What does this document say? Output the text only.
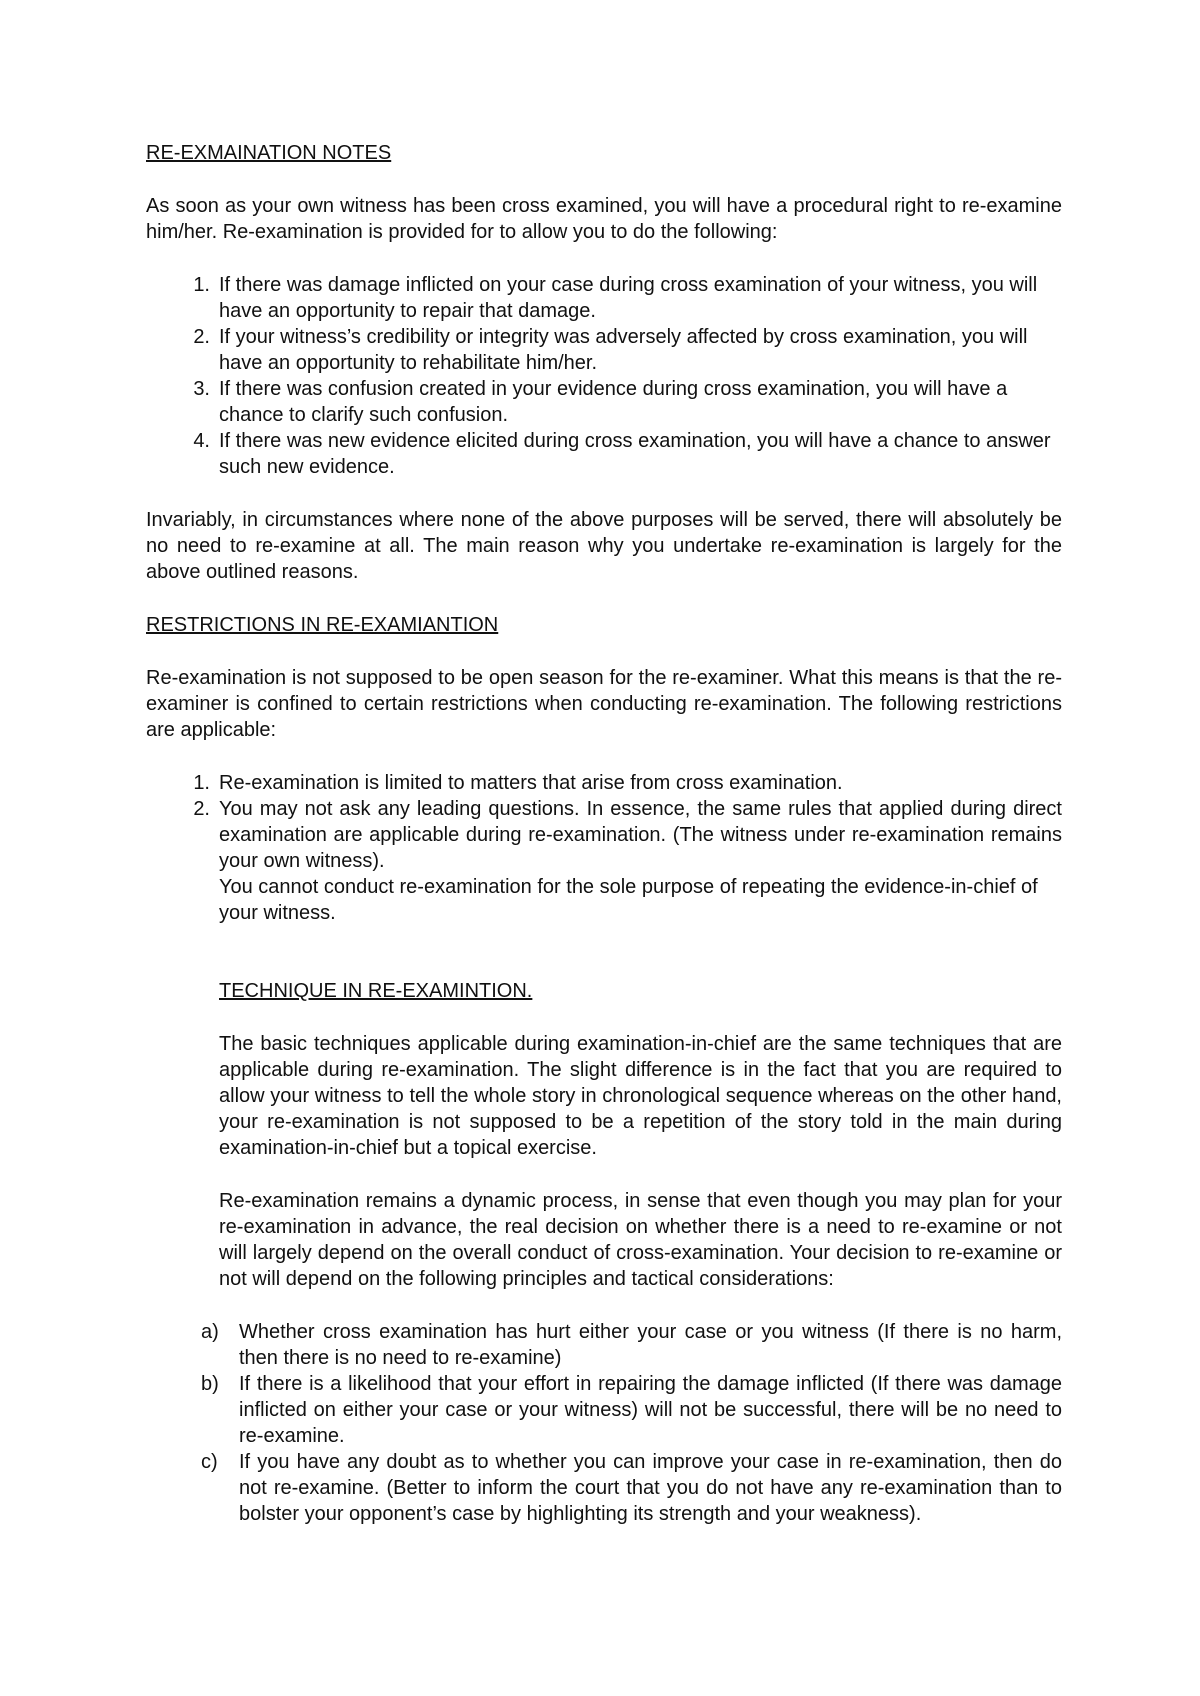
RE-EXMAINATION NOTES

As soon as your own witness has been cross examined, you will have a procedural right to re-examine him/her. Re-examination is provided for to allow you to do the following:

1. If there was damage inflicted on your case during cross examination of your witness, you will have an opportunity to repair that damage.
2. If your witness’s credibility or integrity was adversely affected by cross examination, you will have an opportunity to rehabilitate him/her.
3. If there was confusion created in your evidence during cross examination, you will have a chance to clarify such confusion.
4. If there was new evidence elicited during cross examination, you will have a chance to answer such new evidence.

Invariably, in circumstances where none of the above purposes will be served, there will absolutely be no need to re-examine at all. The main reason why you undertake re-examination is largely for the above outlined reasons.

RESTRICTIONS IN RE-EXAMIANTION

Re-examination is not supposed to be open season for the re-examiner. What this means is that the re-examiner is confined to certain restrictions when conducting re-examination. The following restrictions are applicable:

1. Re-examination is limited to matters that arise from cross examination.
2. You may not ask any leading questions. In essence, the same rules that applied during direct examination are applicable during re-examination. (The witness under re-examination remains your own witness).

You cannot conduct re-examination for the sole purpose of repeating the evidence-in-chief of your witness.

TECHNIQUE IN RE-EXAMINTION.

The basic techniques applicable during examination-in-chief are the same techniques that are applicable during re-examination. The slight difference is in the fact that you are required to allow your witness to tell the whole story in chronological sequence whereas on the other hand, your re-examination is not supposed to be a repetition of the story told in the main during examination-in-chief but a topical exercise.

Re-examination remains a dynamic process, in sense that even though you may plan for your re-examination in advance, the real decision on whether there is a need to re-examine or not will largely depend on the overall conduct of cross-examination. Your decision to re-examine or not will depend on the following principles and tactical considerations:

a) Whether cross examination has hurt either your case or you witness (If there is no harm, then there is no need to re-examine)
b) If there is a likelihood that your effort in repairing the damage inflicted (If there was damage inflicted on either your case or your witness) will not be successful, there will be no need to re-examine.
c) If you have any doubt as to whether you can improve your case in re-examination, then do not re-examine. (Better to inform the court that you do not have any re-examination than to bolster your opponent’s case by highlighting its strength and your weakness).
